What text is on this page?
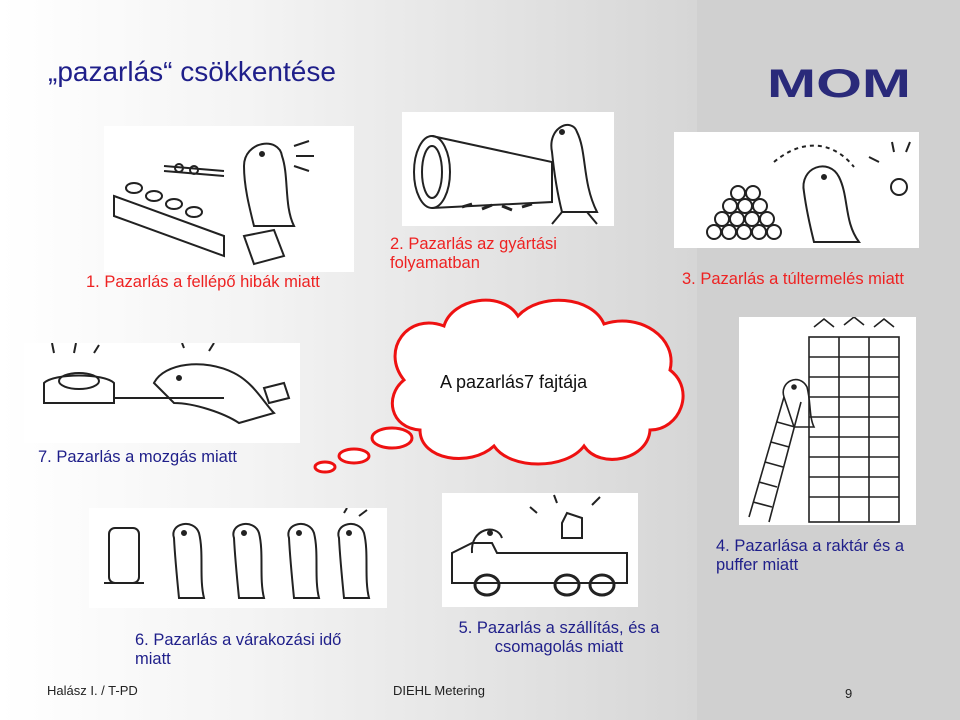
„pazarlás“ csökkentése	MOM
A pazarlás7 fajtája
1. Pazarlás a fellépő hibák miatt
2. Pazarlás az gyártási folyamatban
3. Pazarlás a túltermelés miatt
7. Pazarlás a mozgás miatt
4. Pazarlása a raktár és a puffer miatt
6. Pazarlás a várakozási idő miatt
5. Pazarlás a szállítás, és a csomagolás miatt
Halász I. / T-PD	DIEHL Metering	9
